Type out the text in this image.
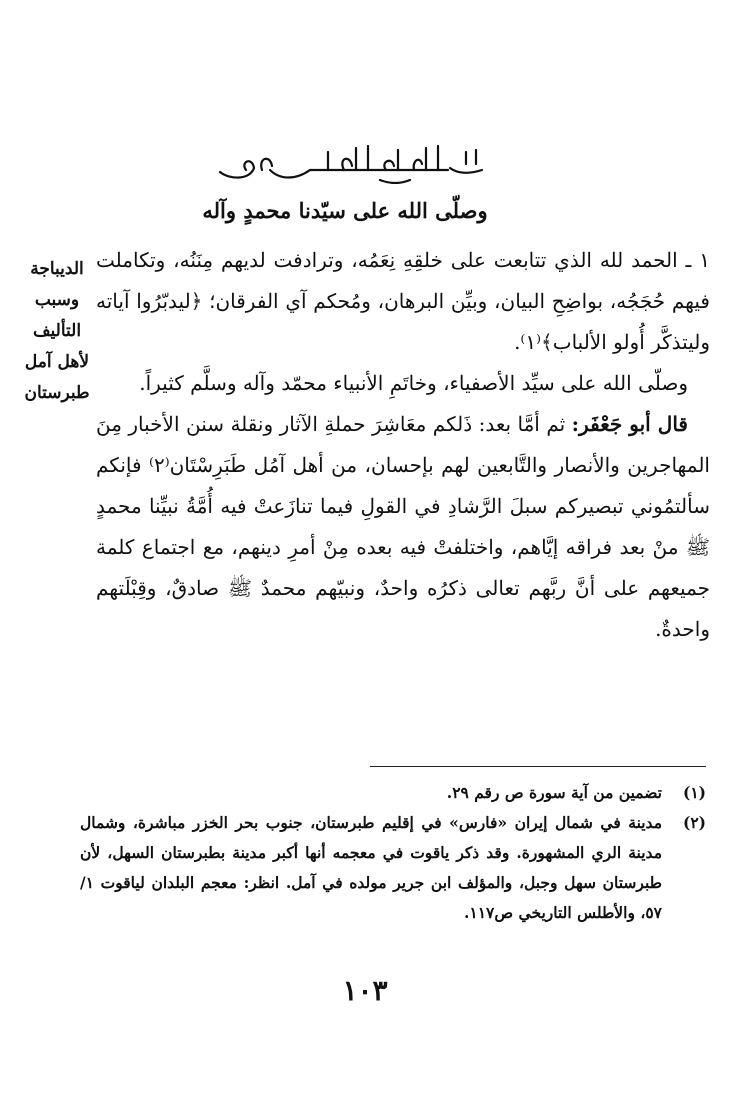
وصلّى الله على سيّدنا محمدٍ وآله
الديباجة
وسبب
التأليف
لأهل آمل
طبرستان

١ ـ الحمد لله الذي تتابعت على خلقِهِ نِعَمُه، وترادفت لديهم مِنَنُه، وتكاملت فيهم حُجَجُه، بواضِحِ البيان، وبيِّن البرهان، ومُحكم آي الفرقان؛ ﴿ليدبّرُوا آياته وليتذكَّر أُولو الألباب﴾⁽١⁾.

وصلّى الله على سيِّد الأصفياء، وخاتَمِ الأنبياء محمّد وآله وسلَّم كثيراً.

قال أبو جَعْفَر: ثم أمَّا بعد: ذَلكم معَاشِرَ حملةِ الآثار ونقلة سنن الأخبار مِنَ المهاجرين والأنصار والتَّابعين لهم بإحسان، من أهل آمُل طَبَرِسْتَان⁽٢⁾ فإنكم سألتمُوني تبصيركم سبلَ الرَّشادِ في القولِ فيما تنازَعتْ فيه أُمَّةُ نبيِّنا محمدٍ ﷺ منْ بعد فراقه إيَّاهم، واختلفتْ فيه بعده مِنْ أمرِ دينهم، مع اجتماع كلمة جميعهم على أنَّ ربَّهم تعالى ذكرُه واحدٌ، ونبيّهم محمدٌ ﷺ صادقٌ، وقِبْلَتهم واحدةٌ.

(١)
تضمين من آية سورة ص رقم ٢٩.
(٢)
مدينة في شمال إيران «فارس» في إقليم طبرستان، جنوب بحر الخزر مباشرة، وشمال مدينة الري المشهورة. وقد ذكر ياقوت في معجمه أنها أكبر مدينة بطبرستان السهل، لأن طبرستان سهل وجبل، والمؤلف ابن جرير مولده في آمل. انظر: معجم البلدان لياقوت ١/ ٥٧، والأطلس التاريخي ص١١٧.
١٠٣
